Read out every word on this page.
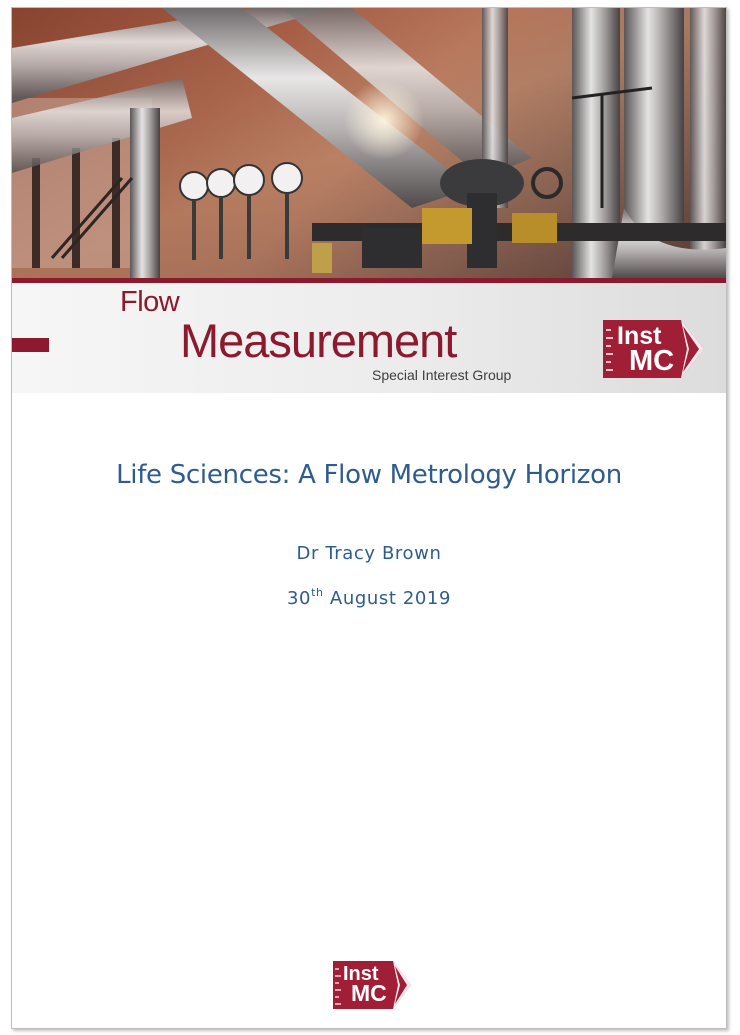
Flow
Measurement
Special Interest Group
Inst
MC
Life Sciences: A Flow Metrology Horizon
Dr Tracy Brown
30th August 2019
Inst
MC
